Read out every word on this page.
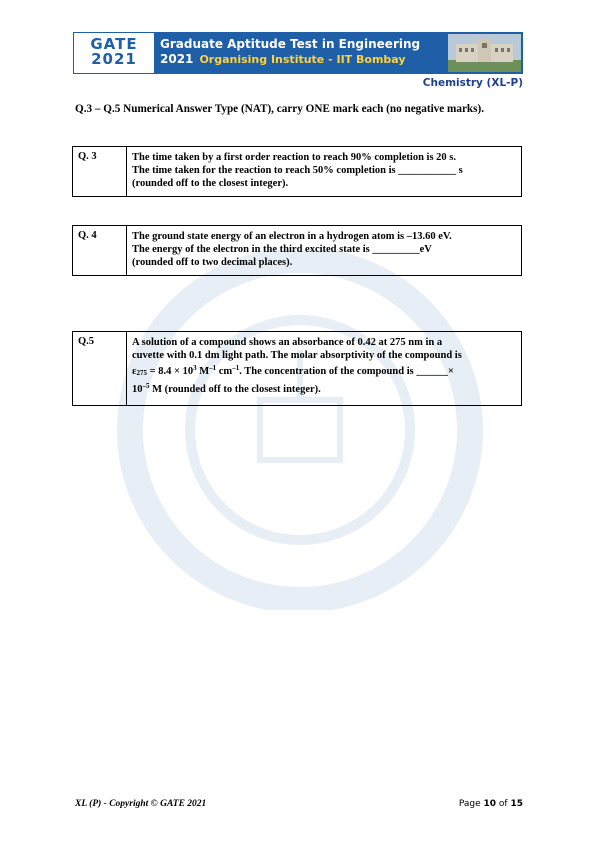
GATE
2021
Graduate Aptitude Test in Engineering 2021 Organising Institute - IIT Bombay
Chemistry (XL-P)
Q.3 – Q.5 Numerical Answer Type (NAT), carry ONE mark each (no negative marks).
Q. 3	The time taken by a first order reaction to reach 90% completion is 20 s.
The time taken for the reaction to reach 50% completion is ___________ s
(rounded off to the closest integer).
Q. 4	The ground state energy of an electron in a hydrogen atom is –13.60 eV.
The energy of the electron in the third excited state is _________eV
(rounded off to two decimal places).
Q.5	A solution of a compound shows an absorbance of 0.42 at 275 nm in a
cuvette with 0.1 dm light path. The molar absorptivity of the compound is
$\varepsilon 275 = 8.4 \times 10^3$ $M^{-1}$ $cm^{-1}$. The concentration of the compound is ______×
$10^{-5}$ M (rounded off to the closest integer).
XL (P) - Copyright © GATE 2021	Page 10 of 15
